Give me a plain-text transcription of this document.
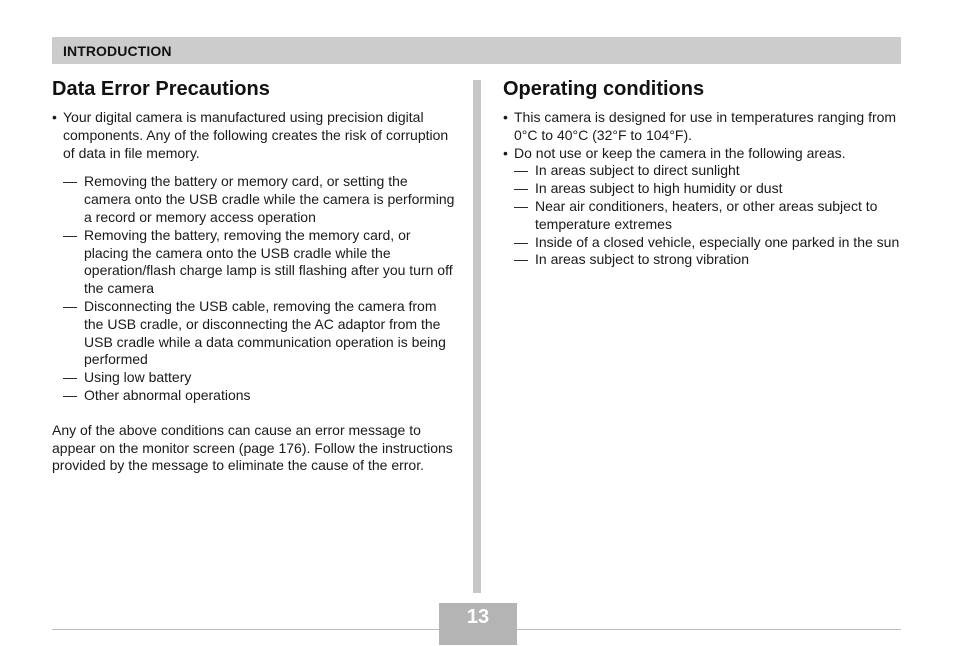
INTRODUCTION
Data Error Precautions
• Your digital camera is manufactured using precision digital components. Any of the following creates the risk of corruption of data in file memory.
— Removing the battery or memory card, or setting the camera onto the USB cradle while the camera is performing a record or memory access operation
— Removing the battery, removing the memory card, or placing the camera onto the USB cradle while the operation/flash charge lamp is still flashing after you turn off the camera
— Disconnecting the USB cable, removing the camera from the USB cradle, or disconnecting the AC adaptor from the USB cradle while a data communication operation is being performed
— Using low battery
— Other abnormal operations

Any of the above conditions can cause an error message to appear on the monitor screen (page 176). Follow the instructions provided by the message to eliminate the cause of the error.

Operating conditions
• This camera is designed for use in temperatures ranging from 0°C to 40°C (32°F to 104°F).
• Do not use or keep the camera in the following areas.
— In areas subject to direct sunlight
— In areas subject to high humidity or dust
— Near air conditioners, heaters, or other areas subject to temperature extremes
— Inside of a closed vehicle, especially one parked in the sun
— In areas subject to strong vibration
13
